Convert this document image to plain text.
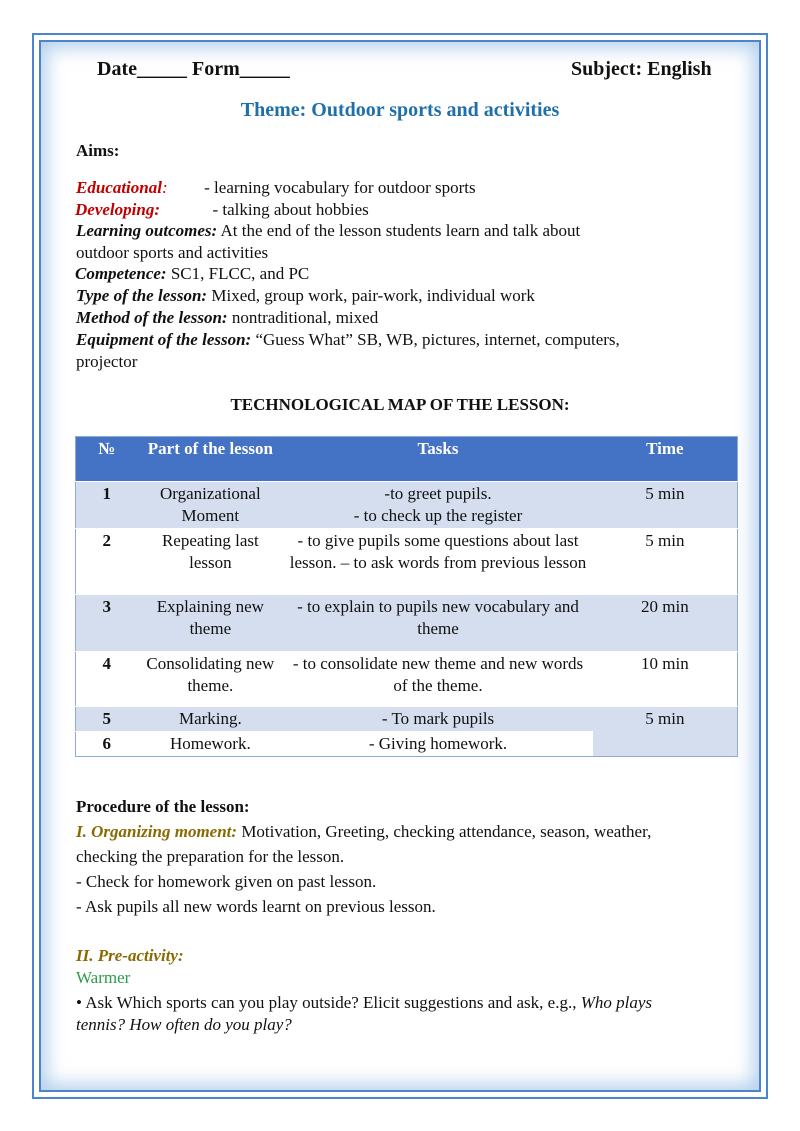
Date_____ Form_____	Subject: English
Theme: Outdoor sports and activities
Aims:
Educational: - learning vocabulary for outdoor sports
Developing:	- talking about hobbies
Learning outcomes: At the end of the lesson students learn and talk about
outdoor sports and activities
Competence: SC1, FLCC, and PC
Type of the lesson: Mixed, group work, pair-work, individual work
Method of the lesson: nontraditional, mixed
Equipment of the lesson: “Guess What” SB, WB, pictures, internet, computers,
projector
TECHNOLOGICAL MAP OF THE LESSON:
№	Part of the lesson	Tasks	Time
1	Organizational Moment	-to greet pupils.
- to check up the register	5 min
2	Repeating last lesson	- to give pupils some questions about last lesson. – to ask words from previous lesson	5 min
3	Explaining new theme	- to explain to pupils new vocabulary and theme	20 min
4	Consolidating new theme.	- to consolidate new theme and new words of the theme.	10 min
5	Marking.	- To mark pupils	5 min
6	Homework.	- Giving homework.	
Procedure of the lesson:
I. Organizing moment: Motivation, Greeting, checking attendance, season, weather,
checking the preparation for the lesson.
- Check for homework given on past lesson.
- Ask pupils all new words learnt on previous lesson.
II. Pre-activity:
Warmer
• Ask Which sports can you play outside? Elicit suggestions and ask, e.g., Who plays
tennis? How often do you play?
